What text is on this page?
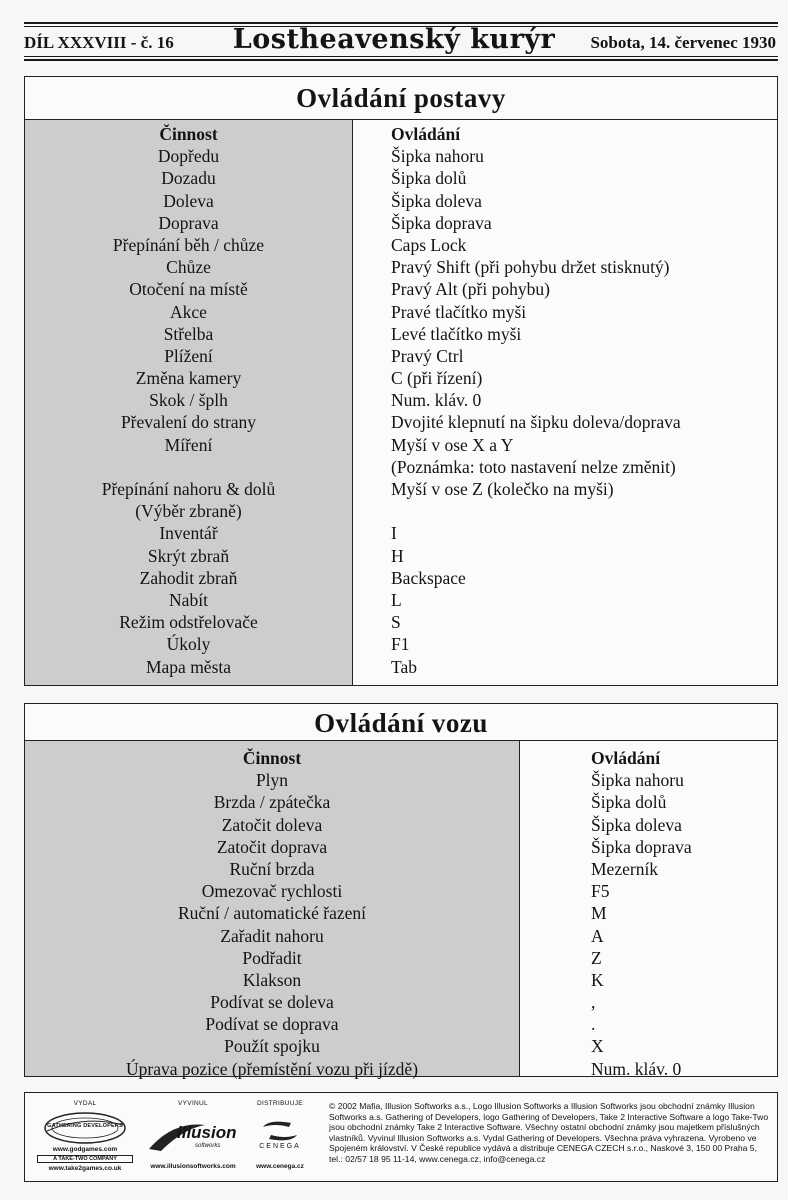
DÍL XXXVIII - č. 16	Lostheavenský kurýr	Sobota, 14. červenec 1930
Ovládání postavy
Činnost
Dopředu
Dozadu
Doleva
Doprava
Přepínání běh / chůze
Chůze
Otočení na místě
Akce
Střelba
Plížení
Změna kamery
Skok / šplh
Převalení do strany
Míření
Přepínání nahoru & dolů
(Výběr zbraně)
Inventář
Skrýt zbraň
Zahodit zbraň
Nabít
Režim odstřelovače
Úkoly
Mapa města
Ovládání
Šipka nahoru
Šipka dolů
Šipka doleva
Šipka doprava
Caps Lock
Pravý Shift (při pohybu držet stisknutý)
Pravý Alt (při pohybu)
Pravé tlačítko myši
Levé tlačítko myši
Pravý Ctrl
C (při řízení)
Num. kláv. 0
Dvojité klepnutí na šipku doleva/doprava
Myší v ose X a Y
(Poznámka: toto nastavení nelze změnit)
Myší v ose Z (kolečko na myši)
I
H
Backspace
L
S
F1
Tab
Ovládání vozu
Činnost
Plyn
Brzda / zpátečka
Zatočit doleva
Zatočit doprava
Ruční brzda
Omezovač rychlosti
Ruční / automatické řazení
Zařadit nahoru
Podřadit
Klakson
Podívat se doleva
Podívat se doprava
Použít spojku
Úprava pozice (přemístění vozu při jízdě)
Ovládání
Šipka nahoru
Šipka dolů
Šipka doleva
Šipka doprava
Mezerník
F5
M
A
Z
K
,
.
X
Num. kláv. 0
VYDAL
GATHERING DEVELOPERS
www.godgames.com
A TAKE-TWO COMPANY
www.take2games.co.uk
VYVINUL
illusion
softworks
www.illusionsoftworks.com
DISTRIBUUJE
CENEGA
www.cenega.cz
© 2002 Mafia, Illusion Softworks a.s., Logo Illusion Softworks a Illusion Softworks jsou obchodní známky Illusion Softworks a.s. Gathering of Developers, logo Gathering of Developers, Take 2 Interactive Software a logo Take-Two jsou obchodní známky Take 2 Interactive Software. Všechny ostatní obchodní známky jsou majetkem příslušných vlastníků. Vyvinul Illusion Softworks a.s. Vydal Gathering of Developers. Všechna práva vyhrazena. Vyrobeno ve Spojeném království. V České republice vydává a distribuje CENEGA CZECH s.r.o., Naskové 3, 150 00 Praha 5, tel.: 02/57 18 95 11-14, www.cenega.cz, info@cenega.cz
